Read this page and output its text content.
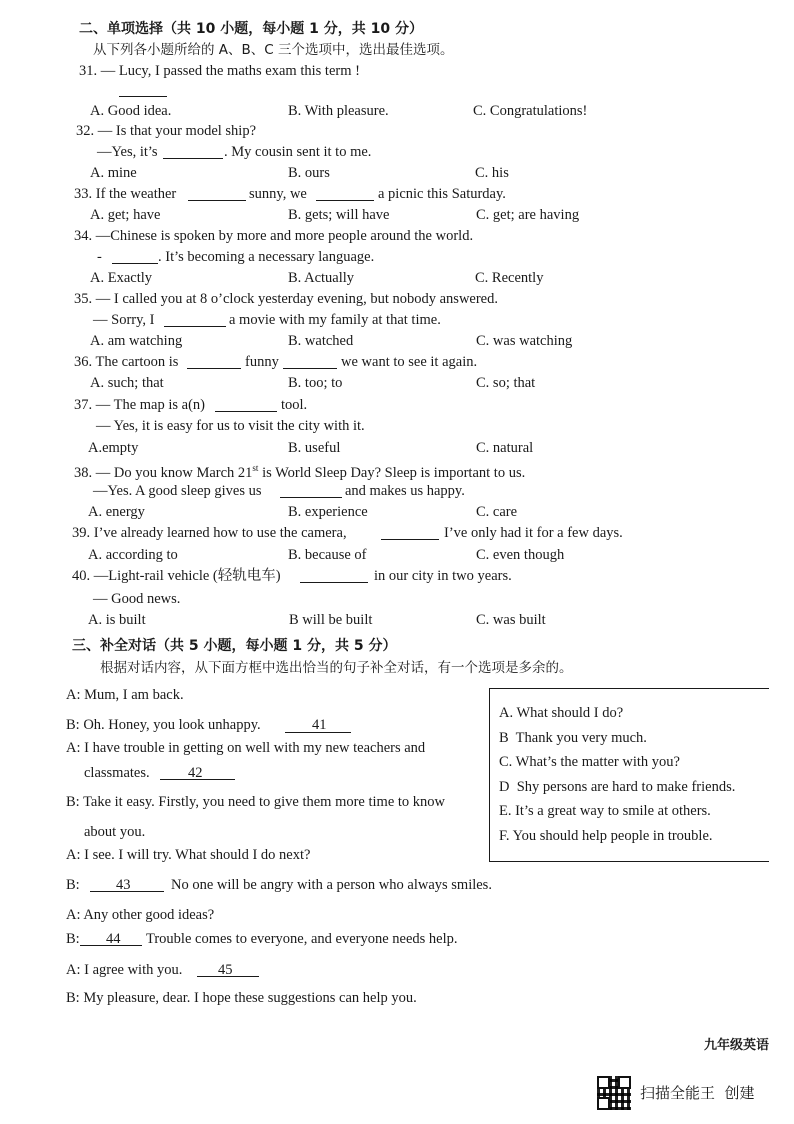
二、单项选择（共 10 小题，每小题 1 分，共 10 分）
从下列各小题所给的 A、B、C 三个选项中，选出最佳选项。
31. — Lucy, I passed the maths exam this term !
A. Good idea.	B. With pleasure.	C. Congratulations!
32. — Is that your model ship?
—Yes, it’s	. My cousin sent it to me.
A. mine	B. ours	C. his
33. If the weather	sunny, we	a picnic this Saturday.
A. get; have	B. gets; will have	C. get; are having
34. —Chinese is spoken by more and more people around the world.
-	. It’s becoming a necessary language.
A. Exactly	B. Actually	C. Recently
35. — I called you at 8 o’clock yesterday evening, but nobody answered.
— Sorry, I	a movie with my family at that time.
A. am watching	B. watched	C. was watching
36. The cartoon is	funny	we want to see it again.
A. such; that	B. too; to	C. so; that
37. — The map is a(n)	tool.
— Yes, it is easy for us to visit the city with it.
A.empty	B. useful	C. natural
38. — Do you know March 21st is World Sleep Day? Sleep is important to us.
—Yes. A good sleep gives us	and makes us happy.
A. energy	B. experience	C. care
39. I’ve already learned how to use the camera,	I’ve only had it for a few days.
A. according to	B. because of	C. even though
40. —Light-rail vehicle (轻轨电车)	in our city in two years.
— Good news.
A. is built	B will be built	C. was built
三、补全对话（共 5 小题，每小题 1 分，共 5 分）
根据对话内容，从下面方框中选出恰当的句子补全对话，有一个选项是多余的。
A: Mum, I am back.
B: Oh. Honey, you look unhappy.	41
A: I have trouble in getting on well with my new teachers and
classmates.	42
B: Take it easy. Firstly, you need to give them more time to know
about you.
A: I see. I will try. What should I do next?
B:	43	No one will be angry with a person who always smiles.
A: Any other good ideas?
B: 44 Trouble comes to everyone, and everyone needs help.
A: I agree with you. 45
B: My pleasure, dear. I hope these suggestions can help you.
A. What should I do?
B  Thank you very much.
C. What’s the matter with you?
D  Shy persons are hard to make friends.
E. It’s a great way to smile at others.
F. You should help people in trouble.
九年级英语
扫描全能王  创建
